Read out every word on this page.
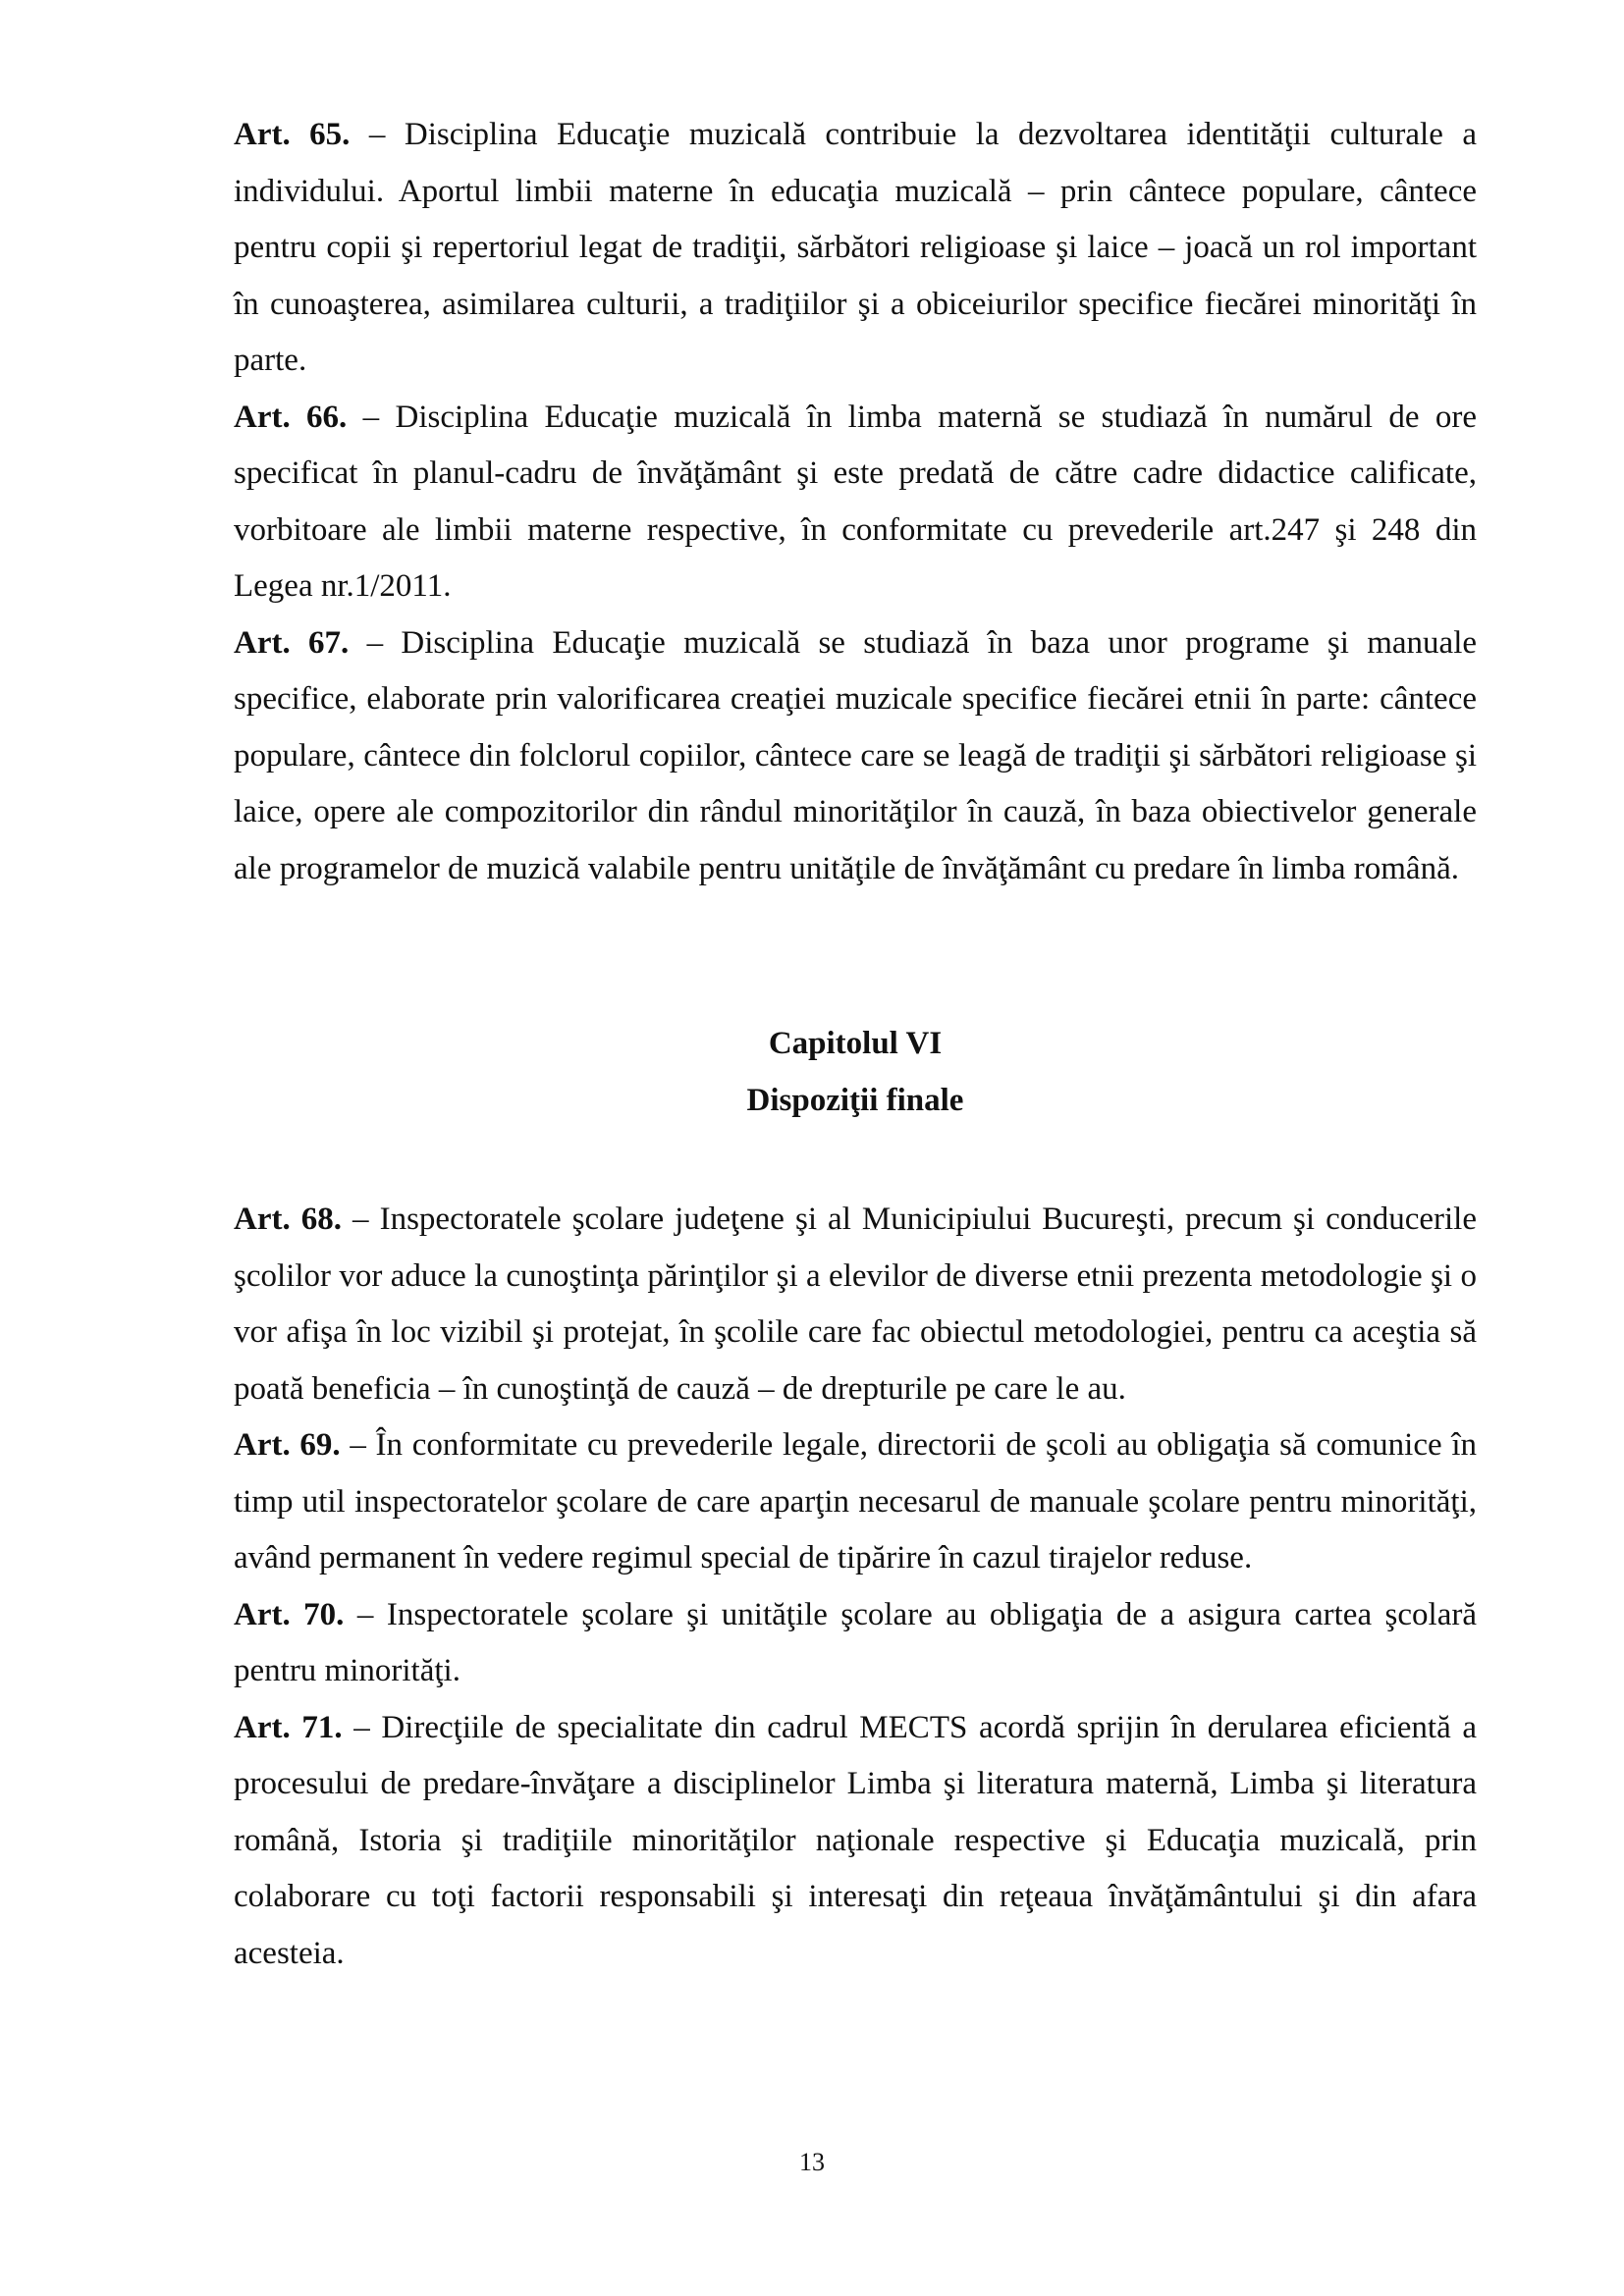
Art. 65. – Disciplina Educaţie muzicală contribuie la dezvoltarea identităţii culturale a individului. Aportul limbii materne în educaţia muzicală – prin cântece populare, cântece pentru copii şi repertoriul legat de tradiţii, sărbători religioase şi laice – joacă un rol important în cunoaşterea, asimilarea culturii, a tradiţiilor şi a obiceiurilor specifice fiecărei minorităţi în parte.

Art. 66. – Disciplina Educaţie muzicală în limba maternă se studiază în numărul de ore specificat în planul-cadru de învăţământ şi este predată de către cadre didactice calificate, vorbitoare ale limbii materne respective, în conformitate cu prevederile art.247 şi 248 din Legea nr.1/2011.

Art. 67. – Disciplina Educaţie muzicală se studiază în baza unor programe şi manuale specifice, elaborate prin valorificarea creaţiei muzicale specifice fiecărei etnii în parte: cântece populare, cântece din folclorul copiilor, cântece care se leagă de tradiţii şi sărbători religioase şi laice, opere ale compozitorilor din rândul minorităţilor în cauză, în baza obiectivelor generale ale programelor de muzică valabile pentru unităţile de învăţământ cu predare în limba română.

Capitolul VI
Dispoziţii finale

Art. 68. – Inspectoratele şcolare judeţene şi al Municipiului Bucureşti, precum şi conducerile şcolilor vor aduce la cunoştinţa părinţilor şi a elevilor de diverse etnii prezenta metodologie şi o vor afişa în loc vizibil şi protejat, în şcolile care fac obiectul metodologiei, pentru ca aceştia să poată beneficia – în cunoştinţă de cauză – de drepturile pe care le au.

Art. 69. – În conformitate cu prevederile legale, directorii de şcoli au obligaţia să comunice în timp util inspectoratelor şcolare de care aparţin necesarul de manuale şcolare pentru minorităţi, având permanent în vedere regimul special de tipărire în cazul tirajelor reduse.

Art. 70. – Inspectoratele şcolare şi unităţile şcolare au obligaţia de a asigura cartea şcolară pentru minorităţi.

Art. 71. – Direcţiile de specialitate din cadrul MECTS acordă sprijin în derularea eficientă a procesului de predare-învăţare a disciplinelor Limba şi literatura maternă, Limba şi literatura română, Istoria şi tradiţiile minorităţilor naţionale respective şi Educaţia muzicală, prin colaborare cu toţi factorii responsabili şi interesaţi din reţeaua învăţământului şi din afara acesteia.

13
